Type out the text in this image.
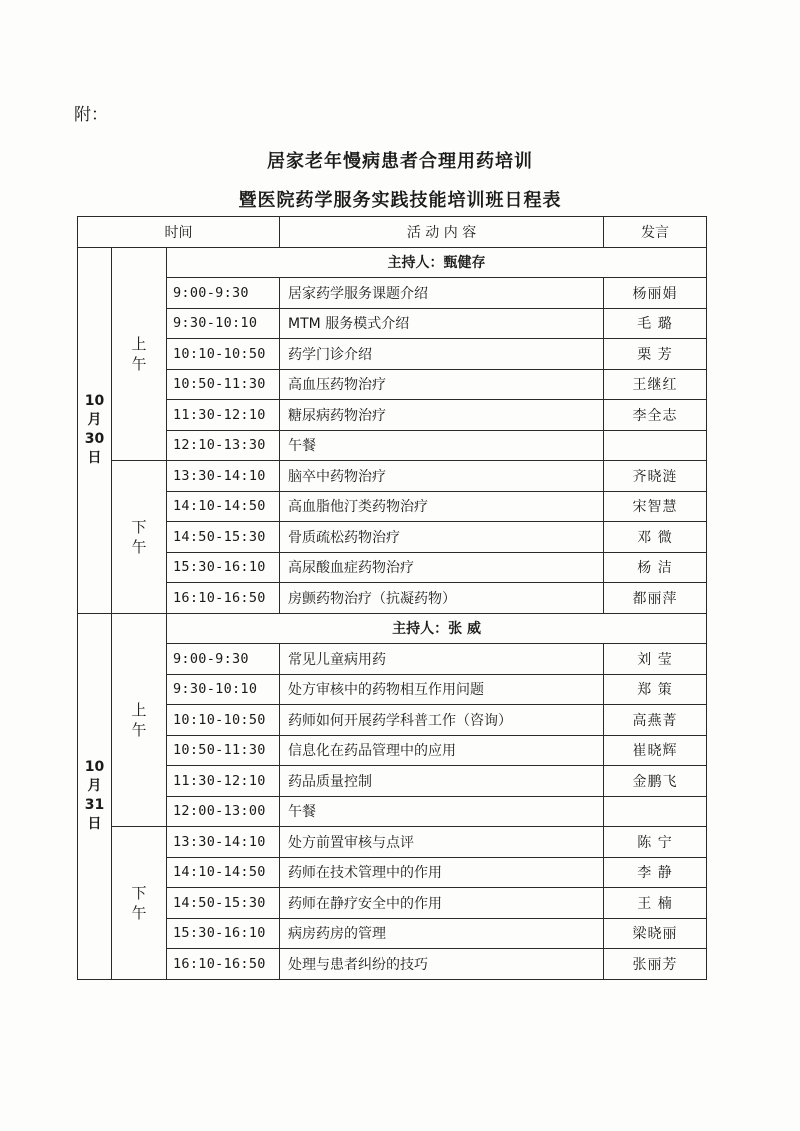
附：
居家老年慢病患者合理用药培训
暨医院药学服务实践技能培训班日程表
时间			活 动 内 容	发言

10
月
30
日	上
午	主持人：甄健存		
		9:00-9:30	居家药学服务课题介绍	杨丽娟
		9:30-10:10	MTM 服务模式介绍	毛 璐
		10:10-10:50	药学门诊介绍	栗 芳
		10:50-11:30	高血压药物治疗	王继红
		11:30-12:10	糖尿病药物治疗	李全志
		12:10-13:30	午餐	

	下
午	13:30-14:10	脑卒中药物治疗	齐晓涟
		14:10-14:50	高血脂他汀类药物治疗	宋智慧
		14:50-15:30	骨质疏松药物治疗	邓 微
		15:30-16:10	高尿酸血症药物治疗	杨 洁
		16:10-16:50	房颤药物治疗（抗凝药物）	都丽萍

10
月
31
日	上
午	主持人：张 威		
		9:00-9:30	常见儿童病用药	刘 莹
		9:30-10:10	处方审核中的药物相互作用问题	郑 策
		10:10-10:50	药师如何开展药学科普工作（咨询）	高燕菁
		10:50-11:30	信息化在药品管理中的应用	崔晓辉
		11:30-12:10	药品质量控制	金鹏飞
		12:00-13:00	午餐	

	下
午	13:30-14:10	处方前置审核与点评	陈 宁
		14:10-14:50	药师在技术管理中的作用	李 静
		14:50-15:30	药师在静疗安全中的作用	王 楠
		15:30-16:10	病房药房的管理	梁晓丽
		16:10-16:50	处理与患者纠纷的技巧	张丽芳
